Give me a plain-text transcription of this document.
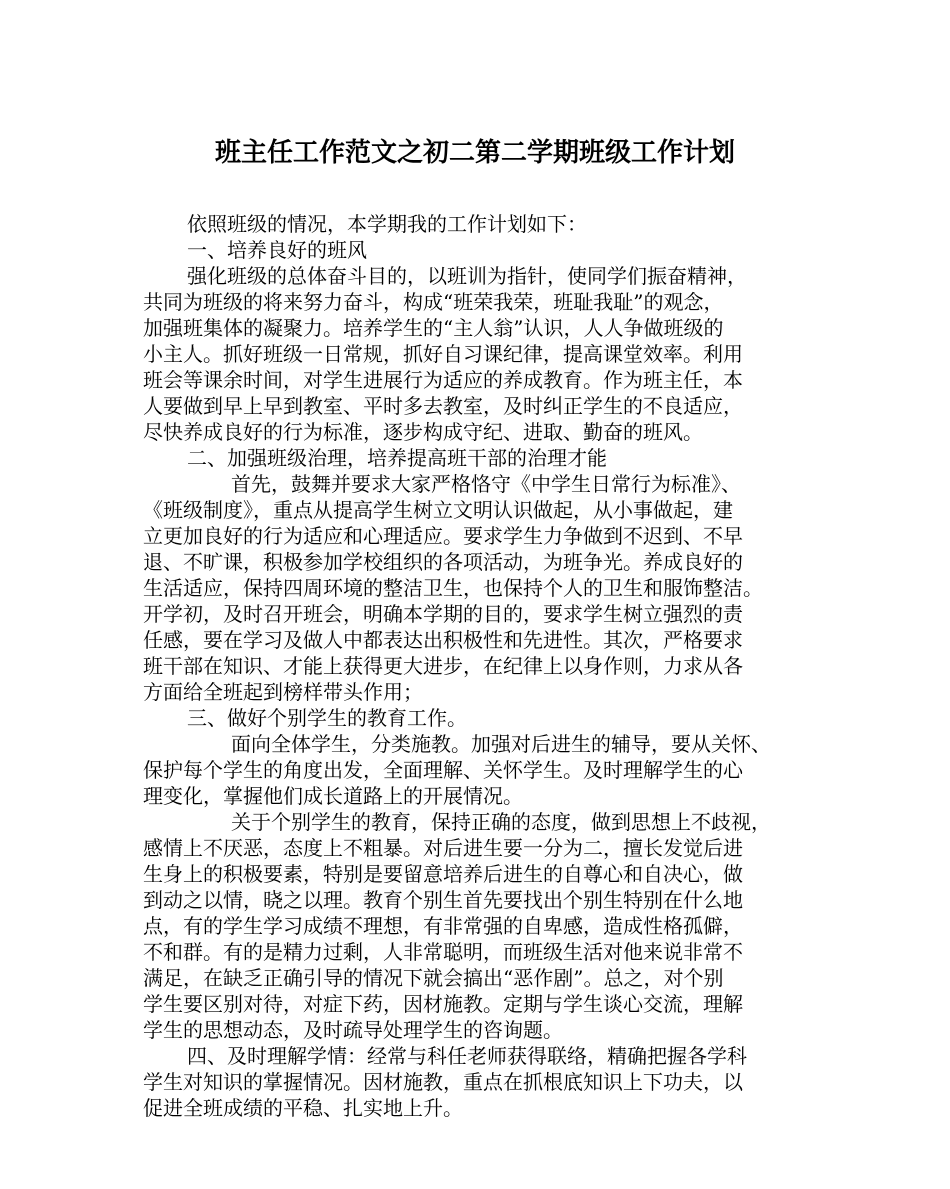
班主任工作范文之初二第二学期班级工作计划

依照班级的情况，本学期我的工作计划如下：

一、培养良好的班风

强化班级的总体奋斗目的，以班训为指针，使同学们振奋精神，

共同为班级的将来努力奋斗，构成“班荣我荣，班耻我耻”的观念，

加强班集体的凝聚力。培养学生的“主人翁”认识，人人争做班级的

小主人。抓好班级一日常规，抓好自习课纪律，提高课堂效率。利用

班会等课余时间，对学生进展行为适应的养成教育。作为班主任，本

人要做到早上早到教室、平时多去教室，及时纠正学生的不良适应，

尽快养成良好的行为标准，逐步构成守纪、进取、勤奋的班风。

二、加强班级治理，培养提高班干部的治理才能

首先，鼓舞并要求大家严格恪守《中学生日常行为标准》、

《班级制度》，重点从提高学生树立文明认识做起，从小事做起，建

立更加良好的行为适应和心理适应。要求学生力争做到不迟到、不早

退、不旷课，积极参加学校组织的各项活动，为班争光。养成良好的

生活适应，保持四周环境的整洁卫生，也保持个人的卫生和服饰整洁。

开学初，及时召开班会，明确本学期的目的，要求学生树立强烈的责

任感，要在学习及做人中都表达出积极性和先进性。其次，严格要求

班干部在知识、才能上获得更大进步，在纪律上以身作则，力求从各

方面给全班起到榜样带头作用；

三、做好个别学生的教育工作。

面向全体学生，分类施教。加强对后进生的辅导，要从关怀、

保护每个学生的角度出发，全面理解、关怀学生。及时理解学生的心

理变化，掌握他们成长道路上的开展情况。

关于个别学生的教育，保持正确的态度，做到思想上不歧视，

感情上不厌恶，态度上不粗暴。对后进生要一分为二，擅长发觉后进

生身上的积极要素，特别是要留意培养后进生的自尊心和自决心，做

到动之以情，晓之以理。教育个别生首先要找出个别生特别在什么地

点，有的学生学习成绩不理想，有非常强的自卑感，造成性格孤僻，

不和群。有的是精力过剩，人非常聪明，而班级生活对他来说非常不

满足，在缺乏正确引导的情况下就会搞出“恶作剧”。总之，对个别

学生要区别对待，对症下药，因材施教。定期与学生谈心交流，理解

学生的思想动态，及时疏导处理学生的咨询题。

四、及时理解学情：经常与科任老师获得联络，精确把握各学科

学生对知识的掌握情况。因材施教，重点在抓根底知识上下功夫，以

促进全班成绩的平稳、扎实地上升。
